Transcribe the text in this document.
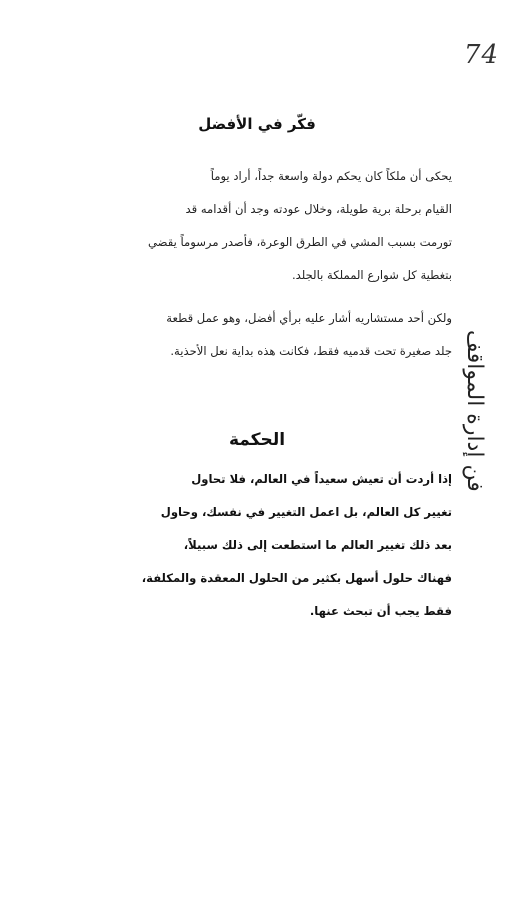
74
فن إدارة المواقف
فكّر في الأفضل

يحكى أن ملكاً كان يحكم دولة واسعة جداً، أراد يوماً
القيام برحلة برية طويلة، وخلال عودته وجد أن أقدامه قد
تورمت بسبب المشي في الطرق الوعرة، فأصدر مرسوماً يقضي
بتغطية كل شوارع المملكة بالجلد.

ولكن أحد مستشاريه أشار عليه برأي أفضل، وهو عمل قطعة
جلد صغيرة تحت قدميه فقط، فكانت هذه بداية نعل الأحذية.

الحكمة

إذا أردت أن تعيش سعيداً في العالم، فلا تحاول
تغيير كل العالم، بل اعمل التغيير في نفسك، وحاول
بعد ذلك تغيير العالم ما استطعت إلى ذلك سبيلاً،
فهناك حلول أسهل بكثير من الحلول المعقدة والمكلفة،
فقط يجب أن تبحث عنها.
